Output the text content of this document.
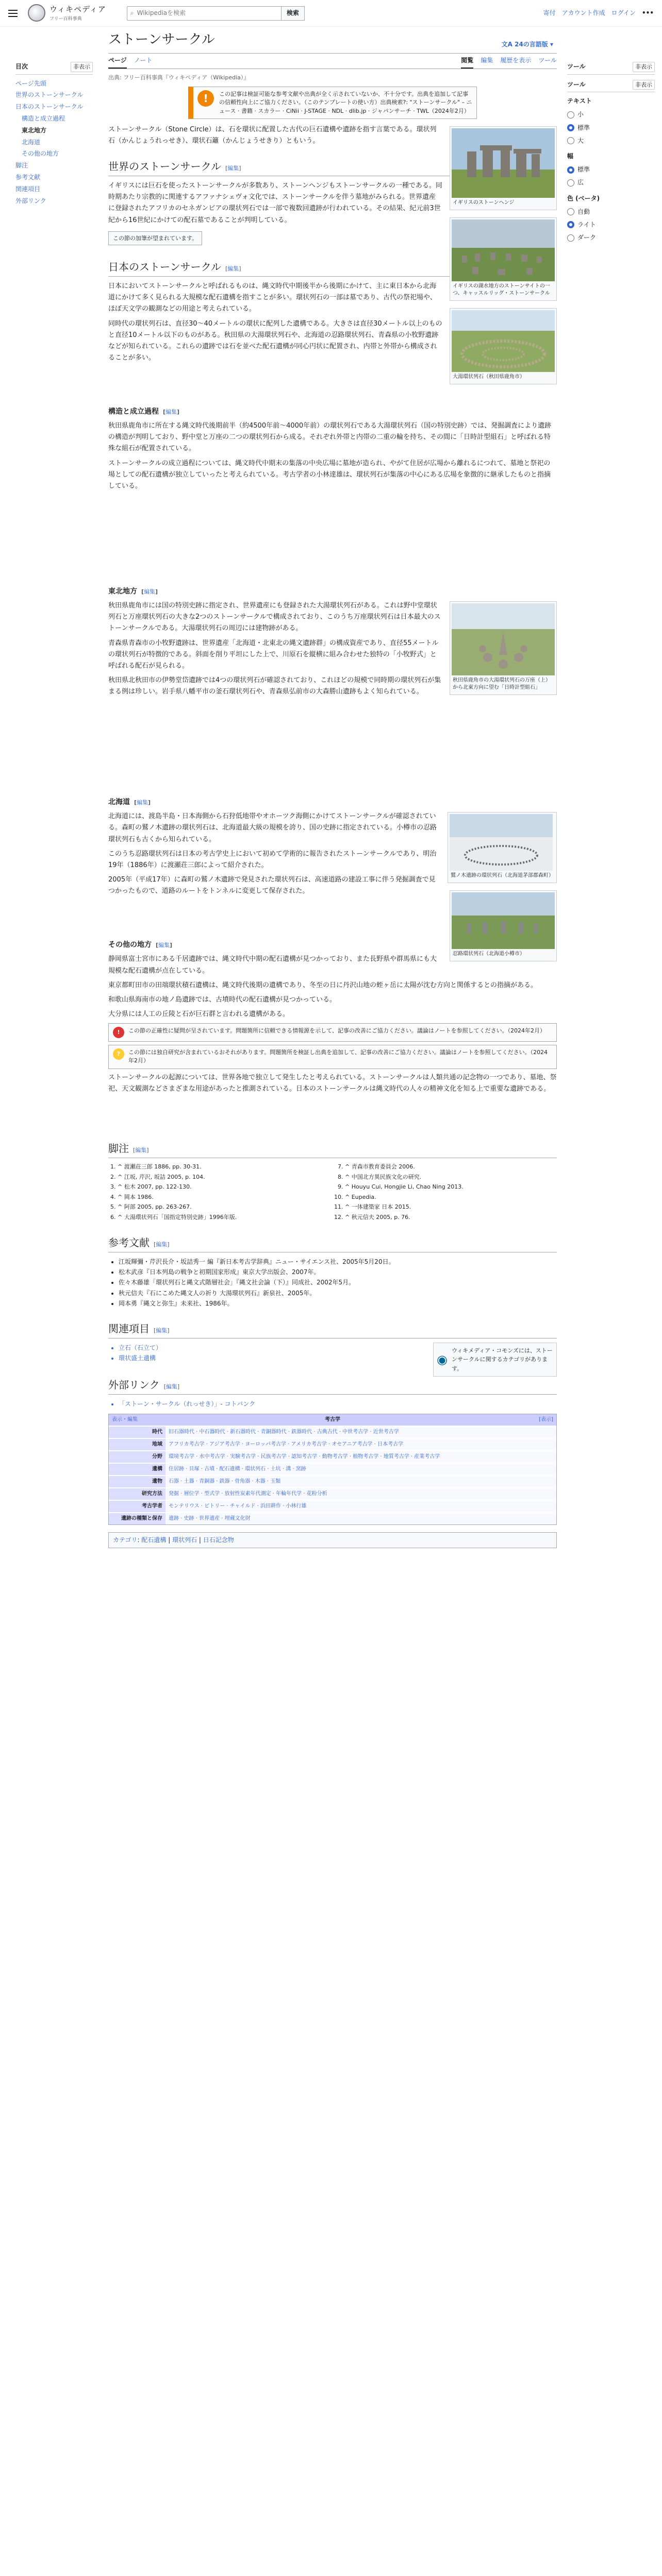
ウィキペディア
フリー百科事典
⌕ Wikipediaを検索	検索	寄付 アカウント作成 ログイン •••
目次	非表示
ページ先頭
世界のストーンサークル
日本のストーンサークル
構造と成立過程
東北地方
北海道
その他の地方
脚注
参考文献
関連項目
外部リンク
ツール	非表示
ツール	非表示
テキスト
小
標準
大
幅
標準
広
色 (ベータ)
自動
ライト
ダーク
ストーンサークル	文A 24の言語版 ▾
ページ ノート	閲覧 編集 履歴を表示 ツール
出典: フリー百科事典『ウィキペディア（Wikipedia）』
!	この記事は検証可能な参考文献や出典が全く示されていないか、不十分です。出典を追加して記事の信頼性向上にご協力ください。（このテンプレートの使い方）出典検索?: "ストーンサークル" – ニュース · 書籍 · スカラー · CiNii · J-STAGE · NDL · dlib.jp · ジャパンサーチ · TWL（2024年2月）
イギリスのストーンヘンジ

ストーンサークル（Stone Circle）は、石を環状に配置した古代の巨石遺構や遺跡を指す言葉である。環状列石（かんじょうれっせき）、環状石籬（かんじょうせきり）ともいう。

世界のストーンサークル [編集]
イギリスの湖水地方のストーンサイトの一つ、キャッスルリッグ・ストーンサークル

イギリスには巨石を使ったストーンサークルが多数あり、ストーンヘンジもストーンサークルの一種である。同時期あたり宗教的に関連するアファナシェヴォ文化では、ストーンサークルを伴う墓地がみられる。世界遺産に登録されたアフリカのセネガンビアの環状列石では一部で複数回遺跡が行われている。その結果、紀元前3世紀から16世紀にかけての配石墓であることが判明している。

この節の加筆が望まれています。
日本のストーンサークル [編集]
大湯環状列石（秋田県鹿角市）

日本においてストーンサークルと呼ばれるものは、縄文時代中期後半から後期にかけて、主に東日本から北海道にかけて多く見られる大規模な配石遺構を指すことが多い。環状列石の一部は墓であり、古代の祭祀場や、ほぼ天文学の観測などの用途と考えられている。

同時代の環状列石は、直径30〜40メートルの環状に配列した遺構である。大きさは直径30メートル以上のものと直径10メートル以下のものがある。秋田県の大湯環状列石や、北海道の忍路環状列石、青森県の小牧野遺跡などが知られている。これらの遺跡では石を並べた配石遺構が同心円状に配置され、内帯と外帯から構成されることが多い。

構造と成立過程 [編集]

秋田県鹿角市に所在する縄文時代後期前半（約4500年前〜4000年前）の環状列石である大湯環状列石（国の特別史跡）では、発掘調査により遺跡の構造が判明しており、野中堂と万座の二つの環状列石から成る。それぞれ外帯と内帯の二重の輪を持ち、その間に「日時計型組石」と呼ばれる特殊な組石が配置されている。

ストーンサークルの成立過程については、縄文時代中期末の集落の中央広場に墓地が造られ、やがて住居が広場から離れるにつれて、墓地と祭祀の場としての配石遺構が独立していったと考えられている。考古学者の小林達雄は、環状列石が集落の中心にある広場を象徴的に継承したものと指摘している。

東北地方 [編集]
秋田県鹿角市の大湯環状列石の万座（上）から北東方向に望む「日時計型組石」

秋田県鹿角市には国の特別史跡に指定され、世界遺産にも登録された大湯環状列石がある。これは野中堂環状列石と万座環状列石の大きな2つのストーンサークルで構成されており、このうち万座環状列石は日本最大のストーンサークルである。大湯環状列石の周辺には建物跡がある。

青森県青森市の小牧野遺跡は、世界遺産「北海道・北東北の縄文遺跡群」の構成資産であり、直径55メートルの環状列石が特徴的である。斜面を削り平坦にした上で、川原石を縦横に組み合わせた独特の「小牧野式」と呼ばれる配石が見られる。

秋田県北秋田市の伊勢堂岱遺跡では4つの環状列石が確認されており、これほどの規模で同時期の環状列石が集まる例は珍しい。岩手県八幡平市の釜石環状列石や、青森県弘前市の大森勝山遺跡もよく知られている。

北海道 [編集]
鷲ノ木遺跡の環状列石（北海道茅部郡森町）
忍路環状列石（北海道小樽市）

北海道には、渡島半島・日本海側から石狩低地帯やオホーツク海側にかけてストーンサークルが確認されている。森町の鷲ノ木遺跡の環状列石は、北海道最大級の規模を誇り、国の史跡に指定されている。小樽市の忍路環状列石も古くから知られている。

このうち忍路環状列石は日本の考古学史上において初めて学術的に報告されたストーンサークルであり、明治19年（1886年）に渡瀬荘三郎によって紹介された。

2005年（平成17年）に森町の鷲ノ木遺跡で発見された環状列石は、高速道路の建設工事に伴う発掘調査で見つかったもので、道路のルートをトンネルに変更して保存された。

その他の地方 [編集]

静岡県富士宮市にある千居遺跡では、縄文時代中期の配石遺構が見つかっており、また長野県や群馬県にも大規模な配石遺構が点在している。

東京都町田市の田端環状積石遺構は、縄文時代後期の遺構であり、冬至の日に丹沢山地の蛭ヶ岳に太陽が沈む方向と関係するとの指摘がある。

和歌山県海南市の地ノ島遺跡では、古墳時代の配石遺構が見つかっている。

大分県には人工の丘陵と石が巨石群と言われる遺構がある。

!	この節の正確性に疑問が呈されています。問題箇所に信頼できる情報源を示して、記事の改善にご協力ください。議論はノートを参照してください。（2024年2月）
?	この節には独自研究が含まれているおそれがあります。問題箇所を検証し出典を追加して、記事の改善にご協力ください。議論はノートを参照してください。（2024年2月）

ストーンサークルの起源については、世界各地で独立して発生したと考えられている。ストーンサークルは人類共通の記念物の一つであり、墓地、祭祀、天文観測などさまざまな用途があったと推測されている。日本のストーンサークルは縄文時代の人々の精神文化を知る上で重要な遺跡である。

脚注 [編集]
1. ^ 渡瀬荘三郎 1886, pp. 30-31.
2. ^ 江坂, 芹沢, 坂詰 2005, p. 104.
3. ^ 松木 2007, pp. 122-130.
4. ^ 岡本 1986.
5. ^ 阿部 2005, pp. 263-267.
6. ^ 大湯環状列石「国指定特別史跡」1996年版.
7. ^ 青森市教育委員会 2006.
8. ^ 中国北方異民族文化の研究.
9. ^ Houyu Cui, Hongjie Li, Chao Ning 2013.
10. ^ Eupedia.
11. ^ 一体建築家 日本 2015.
12. ^ 秋元信夫 2005, p. 76.
参考文献 [編集]
• 江坂輝彌・芹沢長介・坂詰秀一 編『新日本考古学辞典』ニュー・サイエンス社、2005年5月20日。
• 松木武彦『日本列島の戦争と初期国家形成』東京大学出版会、2007年。
• 佐々木藤雄「環状列石と縄文式階層社会」『縄文社会論（下）』同成社、2002年5月。
• 秋元信夫『石にこめた縄文人の祈り 大湯環状列石』新泉社、2005年。
• 岡本勇『縄文と弥生』未来社、1986年。
関連項目 [編集]
◉
ウィキメディア・コモンズには、ストーンサークルに関するカテゴリがあります。
• 立石（石立て）
• 環状盛土遺構
外部リンク [編集]
• 「ストーン・サークル（れっせき）」- コトバンク
表示・編集	考古学	[表示]
時代	旧石器時代 · 中石器時代 · 新石器時代 · 青銅器時代 · 鉄器時代 · 古典古代 · 中世考古学 · 近世考古学
地域	アフリカ考古学 · アジア考古学 · ヨーロッパ考古学 · アメリカ考古学 · オセアニア考古学 · 日本考古学
分野	環境考古学 · 水中考古学 · 実験考古学 · 民族考古学 · 認知考古学 · 動物考古学 · 植物考古学 · 地質考古学 · 産業考古学
遺構	住居跡 · 貝塚 · 古墳 · 配石遺構 · 環状列石 · 土坑 · 溝 · 窯跡
遺物	石器 · 土器 · 青銅器 · 鉄器 · 骨角器 · 木器 · 玉類
研究方法	発掘 · 層位学 · 型式学 · 放射性炭素年代測定 · 年輪年代学 · 花粉分析
考古学者	モンテリウス · ピトリー · チャイルド · 浜田耕作 · 小林行雄
遺跡の種類と保存	遺跡 · 史跡 · 世界遺産 · 埋蔵文化財
カテゴリ: 配石遺構 | 環状列石 | 日石記念物
